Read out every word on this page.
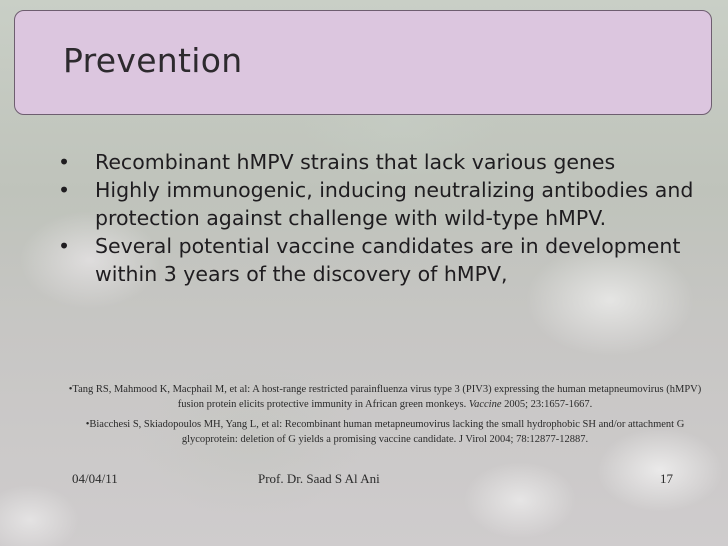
Prevention
• Recombinant hMPV strains that lack various genes
• Highly immunogenic, inducing neutralizing antibodies and protection against challenge with wild-type hMPV.
• Several potential vaccine candidates are in development within 3 years of the discovery of hMPV,

•Tang RS, Mahmood K, Macphail M, et al: A host-range restricted parainfluenza virus type 3 (PIV3) expressing the human metapneumovirus (hMPV) fusion protein elicits protective immunity in African green monkeys. Vaccine 2005; 23:1657-1667.

•Biacchesi S, Skiadopoulos MH, Yang L, et al: Recombinant human metapneumovirus lacking the small hydrophobic SH and/or attachment G glycoprotein: deletion of G yields a promising vaccine candidate. J Virol 2004; 78:12877-12887.

04/04/11	Prof. Dr. Saad S Al Ani	17
